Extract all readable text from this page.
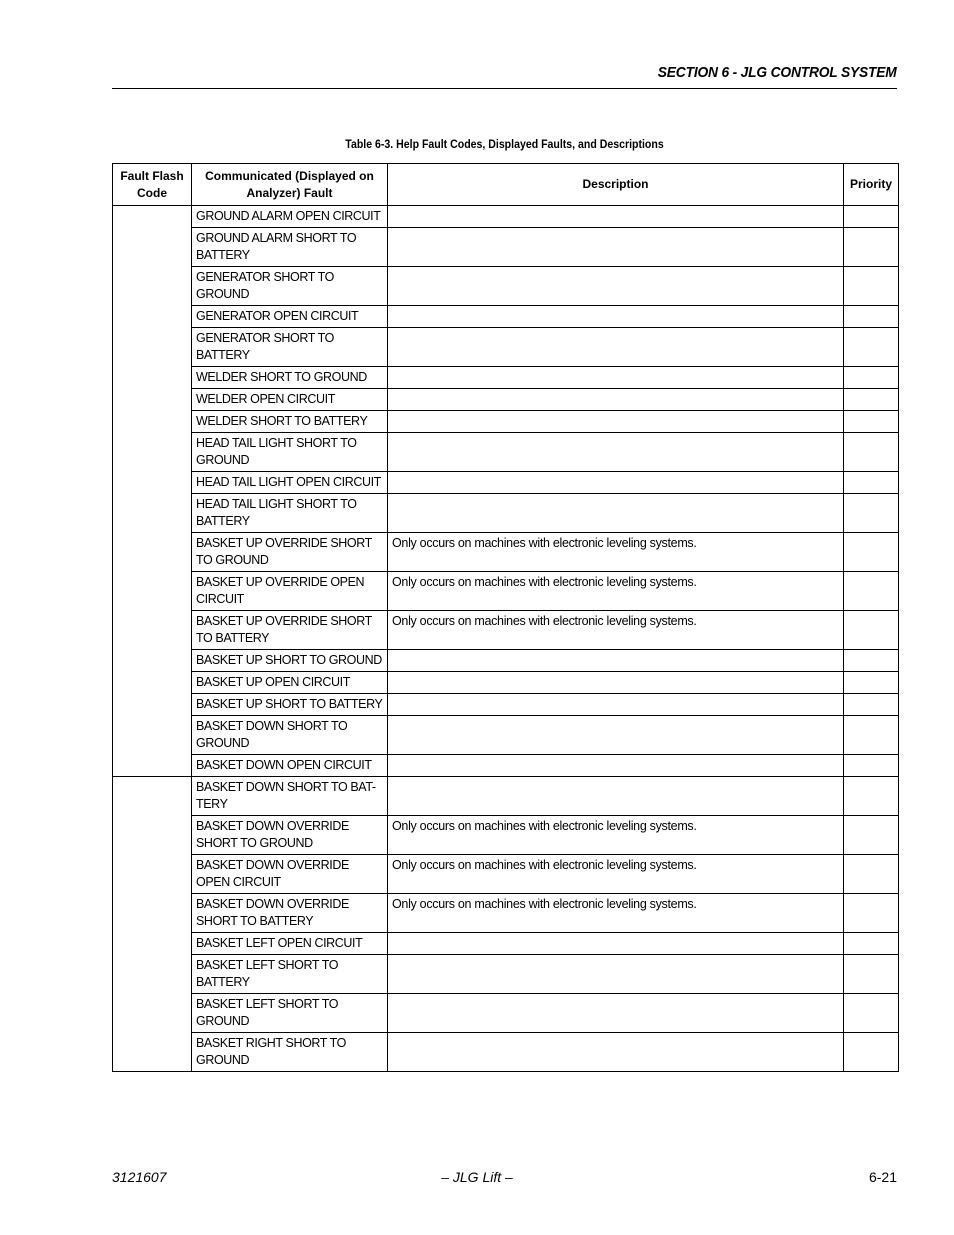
SECTION 6 - JLG CONTROL SYSTEM
Table 6-3. Help Fault Codes, Displayed Faults, and Descriptions
Fault Flash Code	Communicated (Displayed on Analyzer) Fault	Description	Priority
	GROUND ALARM OPEN CIRCUIT		
	GROUND ALARM SHORT TO BATTERY		
	GENERATOR SHORT TO GROUND		
	GENERATOR OPEN CIRCUIT		
	GENERATOR SHORT TO BATTERY		
	WELDER SHORT TO GROUND		
	WELDER OPEN CIRCUIT		
	WELDER SHORT TO BATTERY		
	HEAD TAIL LIGHT SHORT TO GROUND		
	HEAD TAIL LIGHT OPEN CIRCUIT		
	HEAD TAIL LIGHT SHORT TO BATTERY		
	BASKET UP OVERRIDE SHORT TO GROUND	Only occurs on machines with electronic leveling systems.	
	BASKET UP OVERRIDE OPEN CIRCUIT	Only occurs on machines with electronic leveling systems.	
	BASKET UP OVERRIDE SHORT TO BATTERY	Only occurs on machines with electronic leveling systems.	
	BASKET UP SHORT TO GROUND		
	BASKET UP OPEN CIRCUIT		
	BASKET UP SHORT TO BATTERY		
	BASKET DOWN SHORT TO GROUND		
	BASKET DOWN OPEN CIRCUIT		
	BASKET DOWN SHORT TO BAT-TERY		
	BASKET DOWN OVERRIDE SHORT TO GROUND	Only occurs on machines with electronic leveling systems.	
	BASKET DOWN OVERRIDE OPEN CIRCUIT	Only occurs on machines with electronic leveling systems.	
	BASKET DOWN OVERRIDE SHORT TO BATTERY	Only occurs on machines with electronic leveling systems.	
	BASKET LEFT OPEN CIRCUIT		
	BASKET LEFT SHORT TO BATTERY		
	BASKET LEFT SHORT TO GROUND		
	BASKET RIGHT SHORT TO GROUND		
3121607	– JLG Lift –	6-21
